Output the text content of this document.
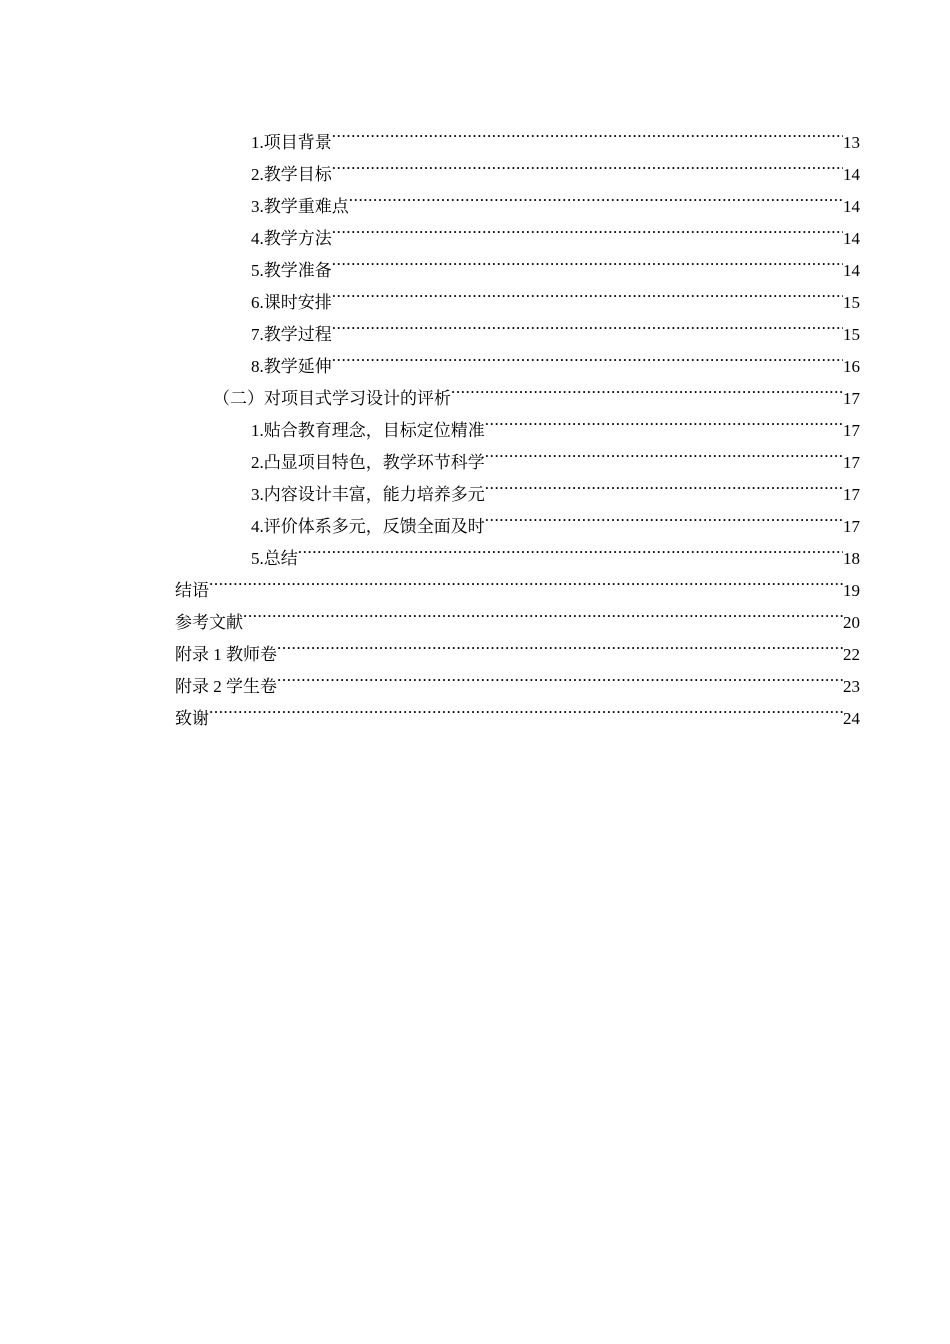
1.项目背景 .....	13
2.教学目标 .....	14
3.教学重难点 .....	14
4.教学方法 .....	14
5.教学准备 .....	14
6.课时安排 .....	15
7.教学过程 .....	15
8.教学延伸 .....	16
（二）对项目式学习设计的评析 .....	17
1.贴合教育理念，目标定位精准 .....	17
2.凸显项目特色，教学环节科学 .....	17
3.内容设计丰富，能力培养多元 .....	17
4.评价体系多元，反馈全面及时 .....	17
5.总结 .....	18
结语 .....	19
参考文献 .....	20
附录 1 教师卷 .....	22
附录 2 学生卷 .....	23
致谢 .....	24
